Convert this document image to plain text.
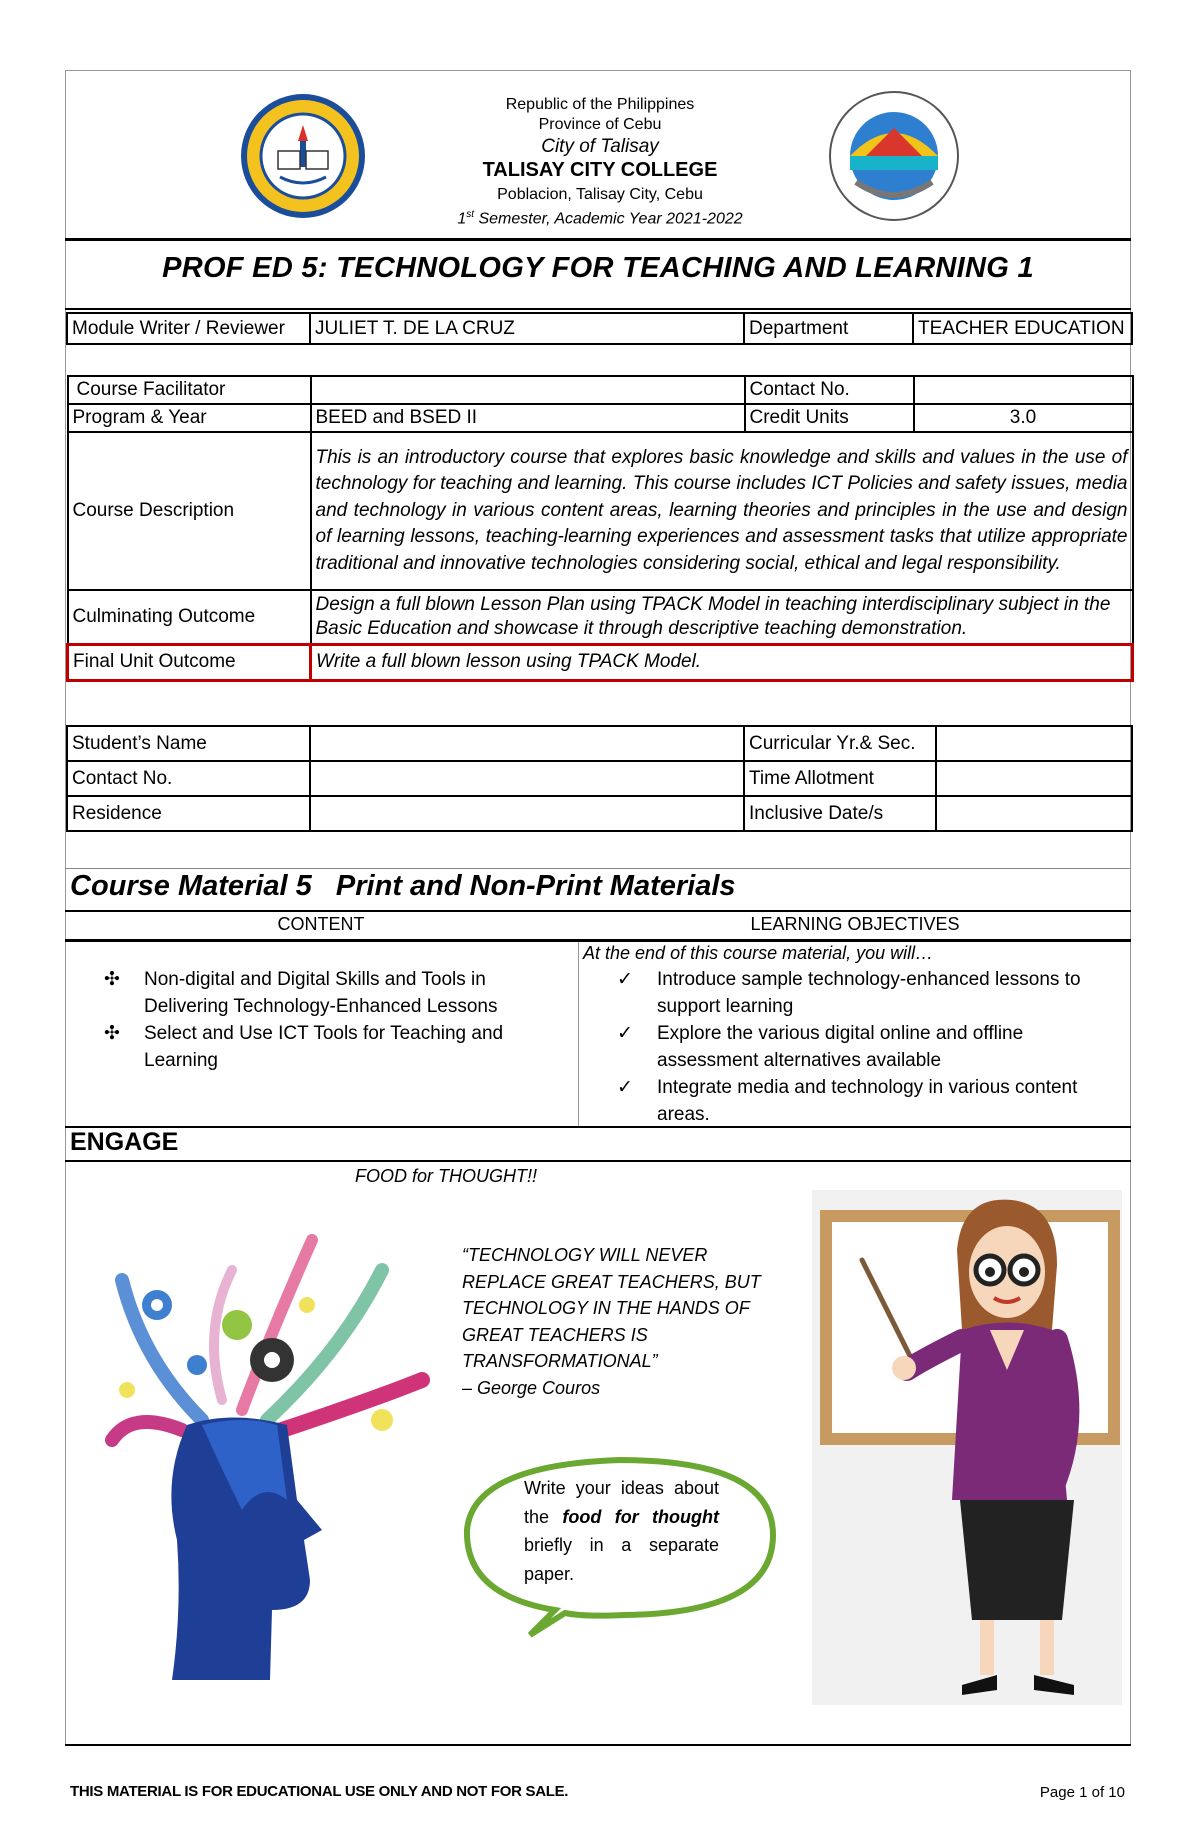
Republic of the Philippines
Province of Cebu
City of Talisay
TALISAY CITY COLLEGE
Poblacion, Talisay City, Cebu
1st Semester, Academic Year 2021-2022
PROF ED 5: TECHNOLOGY FOR TEACHING AND LEARNING 1
Module Writer / Reviewer	JULIET T. DE LA CRUZ	Department	TEACHER EDUCATION
Course Facilitator		Contact No.	
Program & Year	BEED and BSED II	Credit Units	3.0
Course Description	This is an introductory course that explores basic knowledge and skills and values in the use of technology for teaching and learning. This course includes ICT Policies and safety issues, media and technology in various content areas, learning theories and principles in the use and design of learning lessons, teaching-learning experiences and assessment tasks that utilize appropriate traditional and innovative technologies considering social, ethical and legal responsibility.		
Culminating Outcome	Design a full blown Lesson Plan using TPACK Model in teaching interdisciplinary subject in the Basic Education and showcase it through descriptive teaching demonstration.		
Final Unit Outcome	Write a full blown lesson using TPACK Model.		
Student’s Name		Curricular Yr.& Sec.	
Contact No.		Time Allotment	
Residence		Inclusive Date/s	
Course Material 5   Print and Non-Print Materials
CONTENT	LEARNING OBJECTIVES
✣ Non-digital and Digital Skills and Tools in Delivering Technology-Enhanced Lessons
✣ Select and Use ICT Tools for Teaching and Learning
At the end of this course material, you will…
✓ Introduce sample technology-enhanced lessons to support learning
✓ Explore the various digital online and offline assessment alternatives available
✓ Integrate media and technology in various content areas.
ENGAGE
FOOD for THOUGHT!!
“TECHNOLOGY WILL NEVER
REPLACE GREAT TEACHERS, BUT
TECHNOLOGY IN THE HANDS OF
GREAT TEACHERS IS
TRANSFORMATIONAL”
– George Couros
Write your ideas about the food for thought briefly in a separate paper.
THIS MATERIAL IS FOR EDUCATIONAL USE ONLY AND NOT FOR SALE.	Page 1 of 10
